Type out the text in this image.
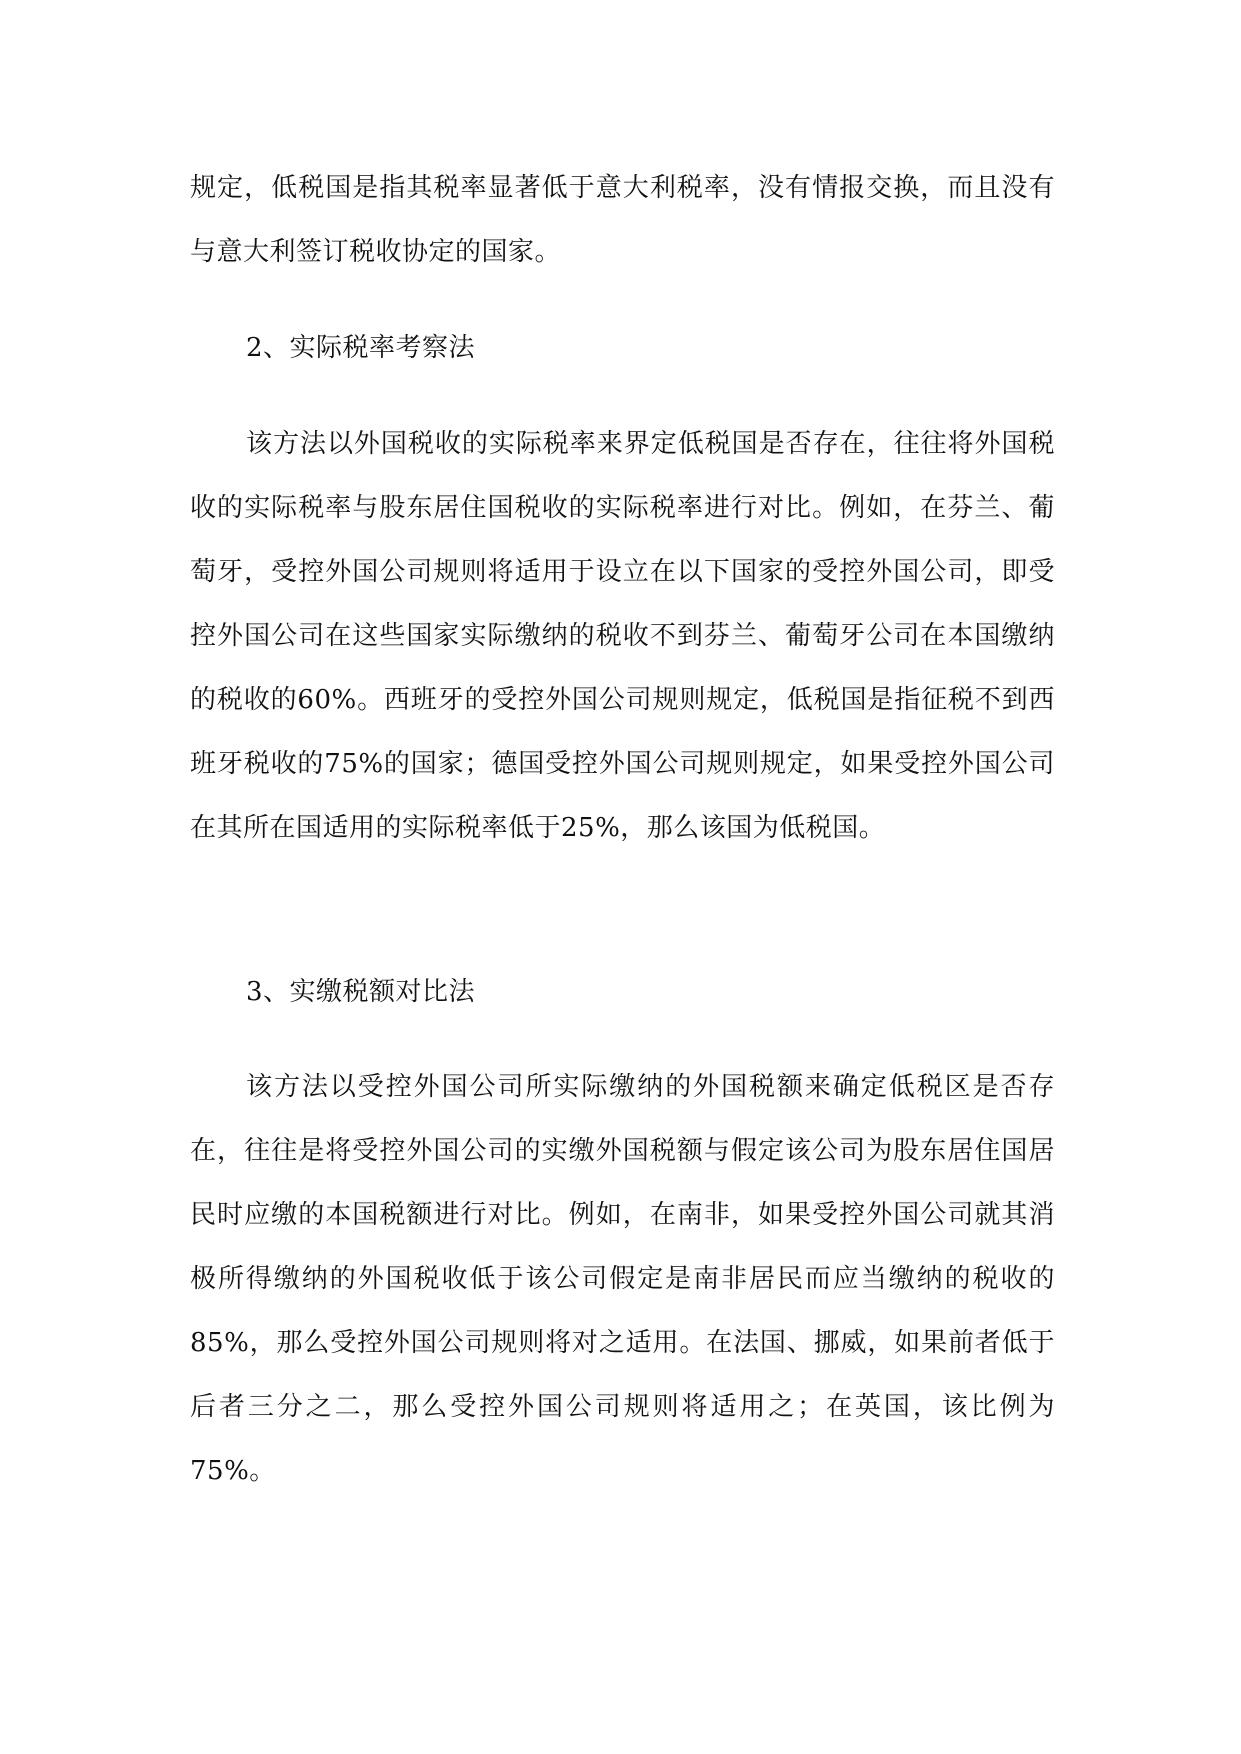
规定，低税国是指其税率显著低于意大利税率，没有情报交换，而且没有与意大利签订税收协定的国家。

2、实际税率考察法

该方法以外国税收的实际税率来界定低税国是否存在，往往将外国税收的实际税率与股东居住国税收的实际税率进行对比。例如，在芬兰、葡萄牙，受控外国公司规则将适用于设立在以下国家的受控外国公司，即受控外国公司在这些国家实际缴纳的税收不到芬兰、葡萄牙公司在本国缴纳的税收的60%。西班牙的受控外国公司规则规定，低税国是指征税不到西班牙税收的75%的国家；德国受控外国公司规则规定，如果受控外国公司在其所在国适用的实际税率低于25%，那么该国为低税国。

3、实缴税额对比法

该方法以受控外国公司所实际缴纳的外国税额来确定低税区是否存在，往往是将受控外国公司的实缴外国税额与假定该公司为股东居住国居民时应缴的本国税额进行对比。例如，在南非，如果受控外国公司就其消极所得缴纳的外国税收低于该公司假定是南非居民而应当缴纳的税收的85%，那么受控外国公司规则将对之适用。在法国、挪威，如果前者低于后者三分之二，那么受控外国公司规则将适用之；在英国，该比例为75%。
